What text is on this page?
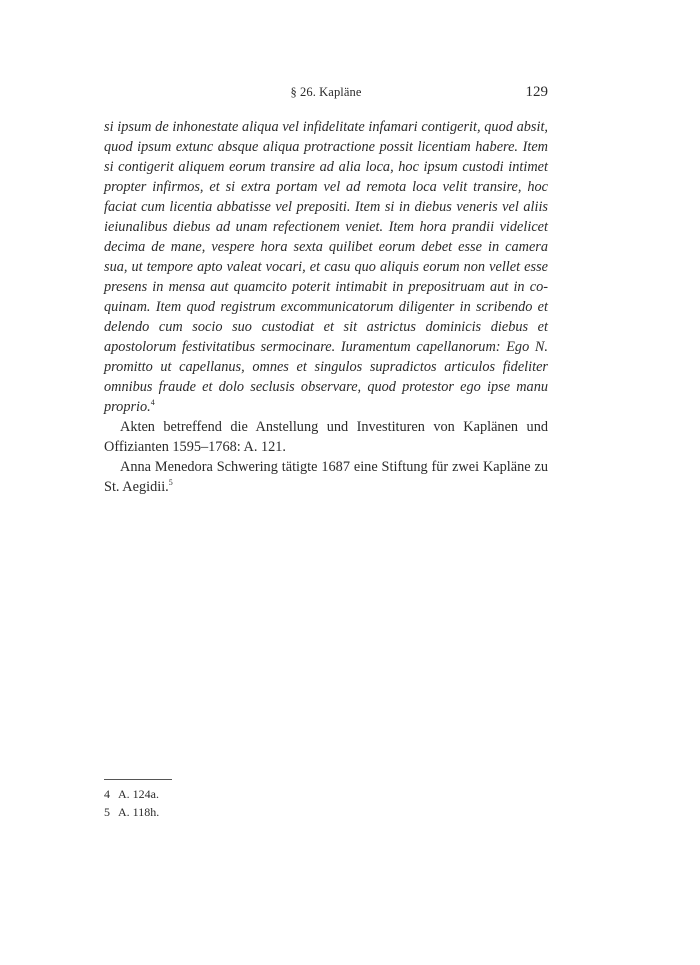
§ 26. Kapläne	129

si ipsum de inhonestate aliqua vel infidelitate infamari contigerit, quod absit, quod ipsum extunc absque aliqua protractione possit licentiam habere. Item si contigerit aliquem eorum transire ad alia loca, hoc ipsum custodi intimet propter infirmos, et si extra portam vel ad remota loca velit transire, hoc faciat cum licentia abbatisse vel prepositi. Item si in diebus veneris vel aliis ieiunalibus diebus ad unam refectionem veniet. Item hora prandii videlicet decima de mane, vespere hora sexta quilibet eorum debet esse in camera sua, ut tempore apto valeat vocari, et casu quo aliquis eorum non vellet esse presens in mensa aut quamcito poterit intimabit in prepositruam aut in coquinam. Item quod registrum excommunicatorum diligenter in scribendo et delendo cum socio suo custodiat et sit astrictus dominicis diebus et apostolorum festivitatibus sermocinare. Iuramentum capellanorum: Ego N. promitto ut capellanus, omnes et singulos supradictos articulos fideliter omnibus fraude et dolo seclusis observare, quod protestor ego ipse manu proprio.$^4$

Akten betreffend die Anstellung und Investituren von Kaplänen und Offizianten 1595–1768: A. 121.

Anna Menedora Schwering tätigte 1687 eine Stiftung für zwei Kapläne zu St. Aegidii.$^5$

4 A. 124a.
5 A. 118h.
